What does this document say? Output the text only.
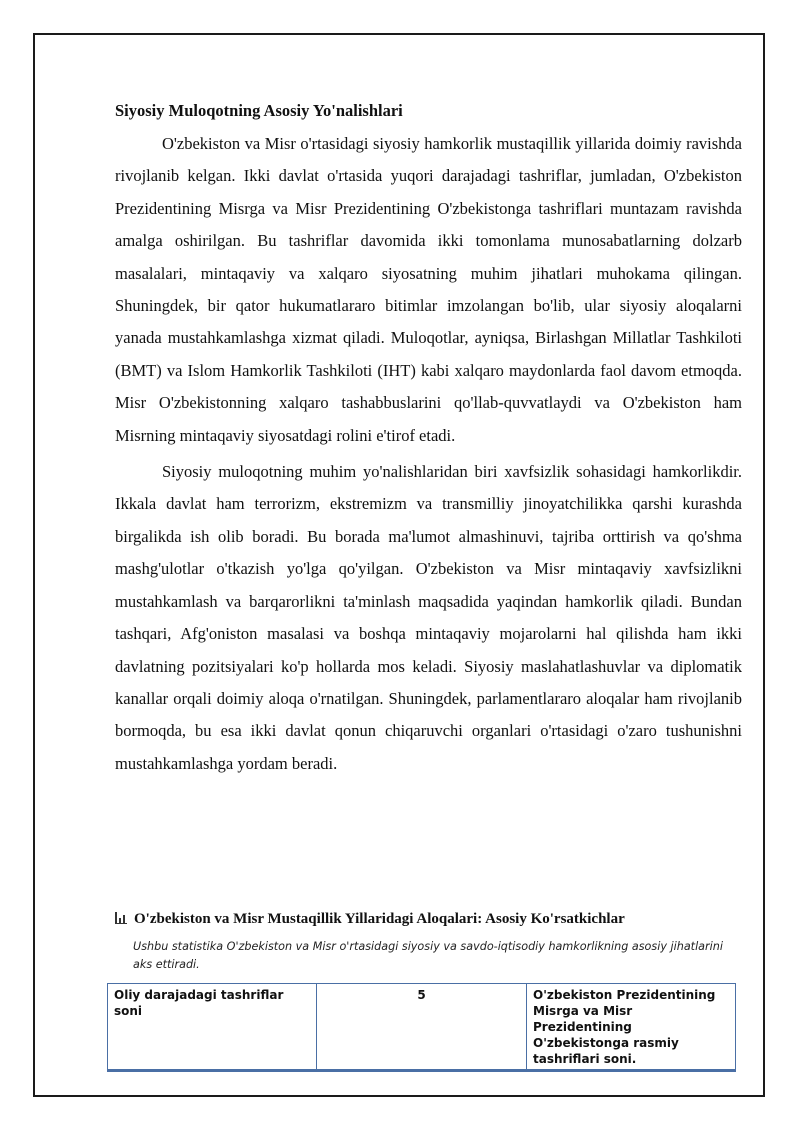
Siyosiy Muloqotning Asosiy Yo'nalishlari

O'zbekiston va Misr o'rtasidagi siyosiy hamkorlik mustaqillik yillarida doimiy ravishda rivojlanib kelgan. Ikki davlat o'rtasida yuqori darajadagi tashriflar, jumladan, O'zbekiston Prezidentining Misrga va Misr Prezidentining O'zbekistonga tashriflari muntazam ravishda amalga oshirilgan. Bu tashriflar davomida ikki tomonlama munosabatlarning dolzarb masalalari, mintaqaviy va xalqaro siyosatning muhim jihatlari muhokama qilingan. Shuningdek, bir qator hukumatlararo bitimlar imzolangan bo'lib, ular siyosiy aloqalarni yanada mustahkamlashga xizmat qiladi. Muloqotlar, ayniqsa, Birlashgan Millatlar Tashkiloti (BMT) va Islom Hamkorlik Tashkiloti (IHT) kabi xalqaro maydonlarda faol davom etmoqda. Misr O'zbekistonning xalqaro tashabbuslarini qo'llab-quvvatlaydi va O'zbekiston ham Misrning mintaqaviy siyosatdagi rolini e'tirof etadi.

Siyosiy muloqotning muhim yo'nalishlaridan biri xavfsizlik sohasidagi hamkorlikdir. Ikkala davlat ham terrorizm, ekstremizm va transmilliy jinoyatchilikka qarshi kurashda birgalikda ish olib boradi. Bu borada ma'lumot almashinuvi, tajriba orttirish va qo'shma mashg'ulotlar o'tkazish yo'lga qo'yilgan. O'zbekiston va Misr mintaqaviy xavfsizlikni mustahkamlash va barqarorlikni ta'minlash maqsadida yaqindan hamkorlik qiladi. Bundan tashqari, Afg'oniston masalasi va boshqa mintaqaviy mojarolarni hal qilishda ham ikki davlatning pozitsiyalari ko'p hollarda mos keladi. Siyosiy maslahatlashuvlar va diplomatik kanallar orqali doimiy aloqa o'rnatilgan. Shuningdek, parlamentlararo aloqalar ham rivojlanib bormoqda, bu esa ikki davlat qonun chiqaruvchi organlari o'rtasidagi o'zaro tushunishni mustahkamlashga yordam beradi.

O'zbekiston va Misr Mustaqillik Yillaridagi Aloqalari: Asosiy Ko'rsatkichlar
Ushbu statistika O'zbekiston va Misr o'rtasidagi siyosiy va savdo-iqtisodiy hamkorlikning asosiy jihatlarini aks ettiradi.
Oliy darajadagi tashriflar soni	5	O'zbekiston Prezidentining Misrga va Misr Prezidentining O'zbekistonga rasmiy tashriflari soni.
